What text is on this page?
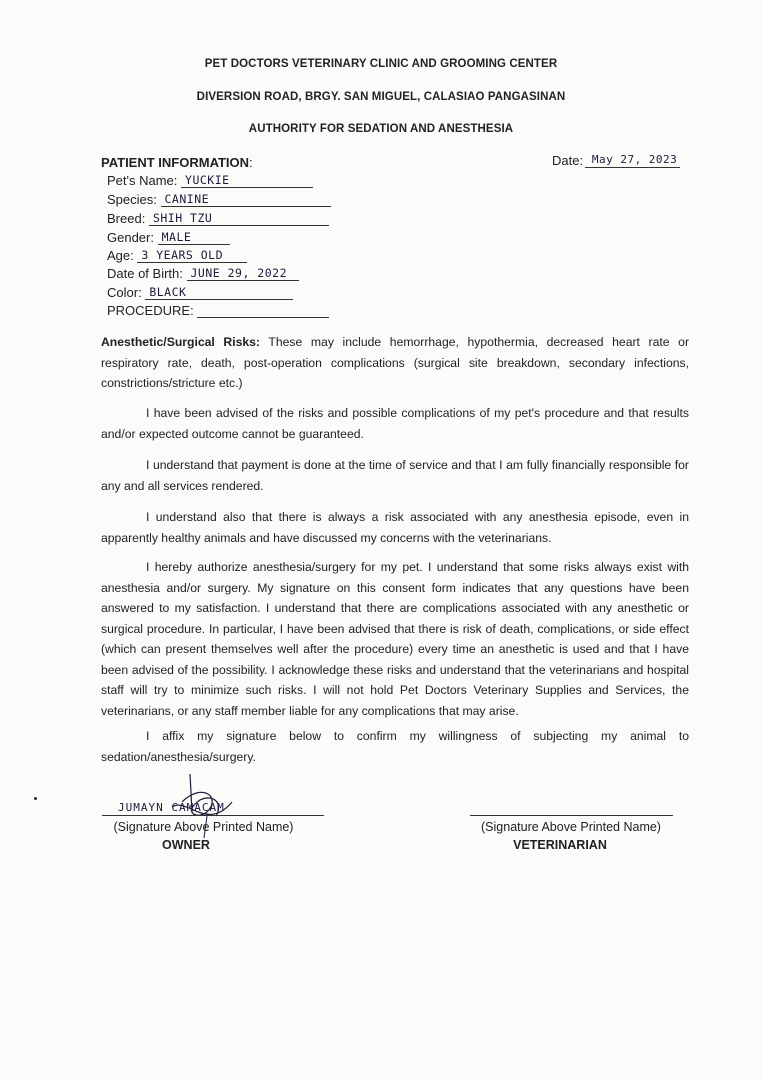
PET DOCTORS VETERINARY CLINIC AND GROOMING CENTER
DIVERSION ROAD, BRGY. SAN MIGUEL, CALASIAO PANGASINAN
AUTHORITY FOR SEDATION AND ANESTHESIA
PATIENT INFORMATION:	Date: May 27, 2023
Pet's Name: YUCKIE
Species: CANINE
Breed: SHIH TZU
Gender: MALE
Age: 3 YEARS OLD
Date of Birth: JUNE 29, 2022
Color: BLACK
PROCEDURE:
Anesthetic/Surgical Risks: These may include hemorrhage, hypothermia, decreased heart rate or respiratory rate, death, post-operation complications (surgical site breakdown, secondary infections, constrictions/stricture etc.)
I have been advised of the risks and possible complications of my pet's procedure and that results and/or expected outcome cannot be guaranteed.
I understand that payment is done at the time of service and that I am fully financially responsible for any and all services rendered.
I understand also that there is always a risk associated with any anesthesia episode, even in apparently healthy animals and have discussed my concerns with the veterinarians.
I hereby authorize anesthesia/surgery for my pet. I understand that some risks always exist with anesthesia and/or surgery. My signature on this consent form indicates that any questions have been answered to my satisfaction. I understand that there are complications associated with any anesthetic or surgical procedure. In particular, I have been advised that there is risk of death, complications, or side effect (which can present themselves well after the procedure) every time an anesthetic is used and that I have been advised of the possibility. I acknowledge these risks and understand that the veterinarians and hospital staff will try to minimize such risks. I will not hold Pet Doctors Veterinary Supplies and Services, the veterinarians, or any staff member liable for any complications that may arise.
I affix my signature below to confirm my willingness of subjecting my animal to sedation/anesthesia/surgery.
JUMAYN CAMACAM
(Signature Above Printed Name)
OWNER
(Signature Above Printed Name)
VETERINARIAN
